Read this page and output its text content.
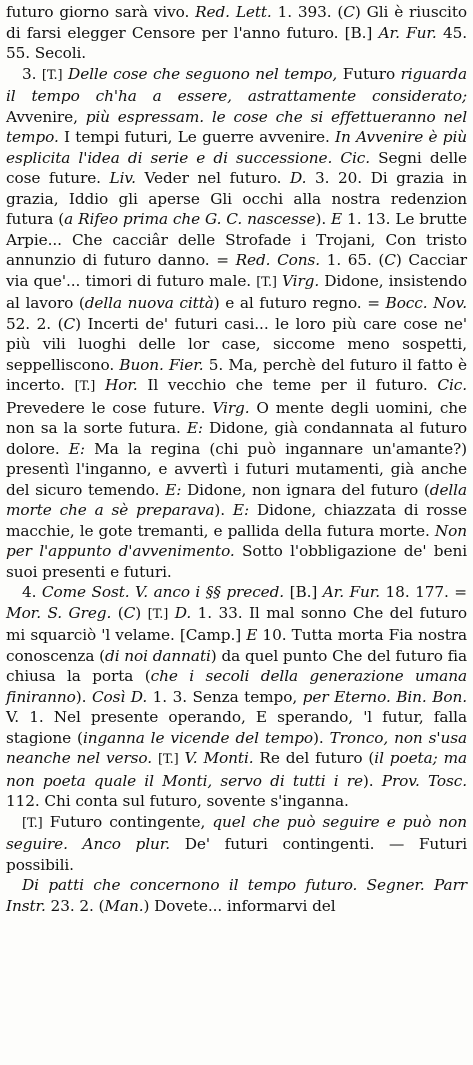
futuro giorno sarà vivo. Red. Lett. 1. 393. (C) Gli è riuscito di farsi elegger Censore per l'anno futuro. [B.] Ar. Fur. 45. 55. Secoli.

3. [T.] Delle cose che seguono nel tempo, Futuro riguarda il tempo ch'ha a essere, astrattamente considerato; Avvenire, più espressam. le cose che si effettueranno nel tempo. I tempi futuri, Le guerre avvenire. In Avvenire è più esplicita l'idea di serie e di successione. Cic. Segni delle cose future. Liv. Veder nel futuro. D. 3. 20. Di grazia in grazia, Iddio gli aperse Gli occhi alla nostra redenzion futura (a Rifeo prima che G. C. nascesse). E 1. 13. Le brutte Arpie... Che cacciâr delle Strofade i Trojani, Con tristo annunzio di futuro danno. = Red. Cons. 1. 65. (C) Cacciar via que'... timori di futuro male. [T.] Virg. Didone, insistendo al lavoro (della nuova città) e al futuro regno. = Bocc. Nov. 52. 2. (C) Incerti de' futuri casi... le loro più care cose ne' più vili luoghi delle lor case, siccome meno sospetti, seppelliscono. Buon. Fier. 5. Ma, perchè del futuro il fatto è incerto. [T.] Hor. Il vecchio che teme per il futuro. Cic. Prevedere le cose future. Virg. O mente degli uomini, che non sa la sorte futura. E: Didone, già condannata al futuro dolore. E: Ma la regina (chi può ingannare un'amante?) presentì l'inganno, e avvertì i futuri mutamenti, già anche del sicuro temendo. E: Didone, non ignara del futuro (della morte che a sè preparava). E: Didone, chiazzata di rosse macchie, le gote tremanti, e pallida della futura morte. Non per l'appunto d'avvenimento. Sotto l'obbligazione de' beni suoi presenti e futuri.

4. Come Sost. V. anco i §§ preced. [B.] Ar. Fur. 18. 177. = Mor. S. Greg. (C) [T.] D. 1. 33. Il mal sonno Che del futuro mi squarciò 'l velame. [Camp.] E 10. Tutta morta Fia nostra conoscenza (di noi dannati) da quel punto Che del futuro fia chiusa la porta (che i secoli della generazione umana finiranno). Così D. 1. 3. Senza tempo, per Eterno. Bin. Bon. V. 1. Nel presente operando, E sperando, 'l futur, falla stagione (inganna le vicende del tempo). Tronco, non s'usa neanche nel verso. [T.] V. Monti. Re del futuro (il poeta; ma non poeta quale il Monti, servo di tutti i re). Prov. Tosc. 112. Chi conta sul futuro, sovente s'inganna.

[T.] Futuro contingente, quel che può seguire e può non seguire. Anco plur. De' futuri contingenti. — Futuri possibili.

Di patti che concernono il tempo futuro. Segner. Parr Instr. 23. 2. (Man.) Dovete... informarvi del
